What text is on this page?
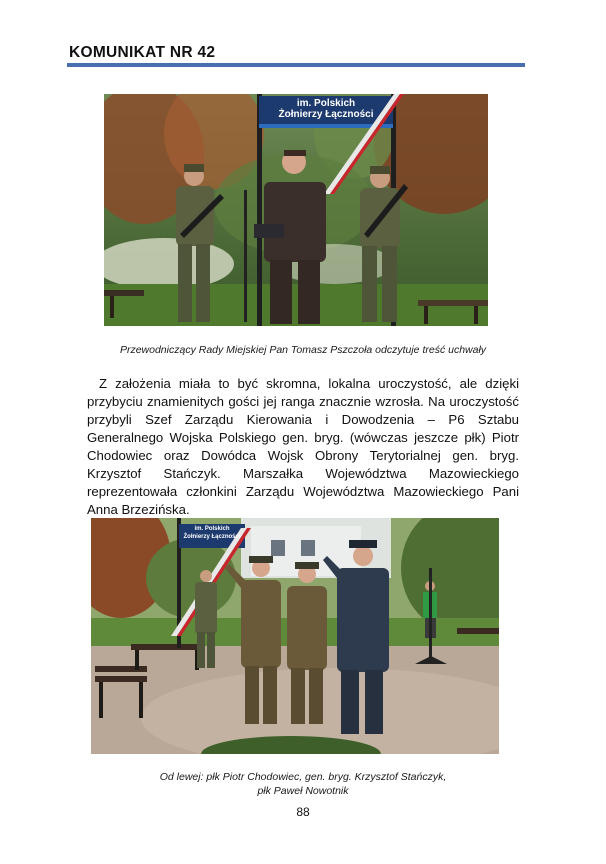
KOMUNIKAT NR 42
im. Polskich
Żołnierzy Łączności
Przewodniczący Rady Miejskiej Pan Tomasz Pszczoła odczytuje treść uchwały

Z założenia miała to być skromna, lokalna uroczystość, ale dzięki przybyciu znamienitych gości jej ranga znacznie wzrosła. Na uroczystość przybyli Szef Zarządu Kierowania i Dowodzenia – P6 Sztabu Generalnego Wojska Polskiego gen. bryg. (wówczas jeszcze płk) Piotr Chodowiec oraz Dowódca Wojsk Obrony Terytorialnej gen. bryg. Krzysztof Stańczyk. Marszałka Województwa Mazowieckiego reprezentowała członkini Zarządu Województwa Mazowieckiego Pani Anna Brzezińska.

im. Polskich
Żołnierzy Łączności
Od lewej: płk Piotr Chodowiec, gen. bryg. Krzysztof Stańczyk,
płk Paweł Nowotnik
88
